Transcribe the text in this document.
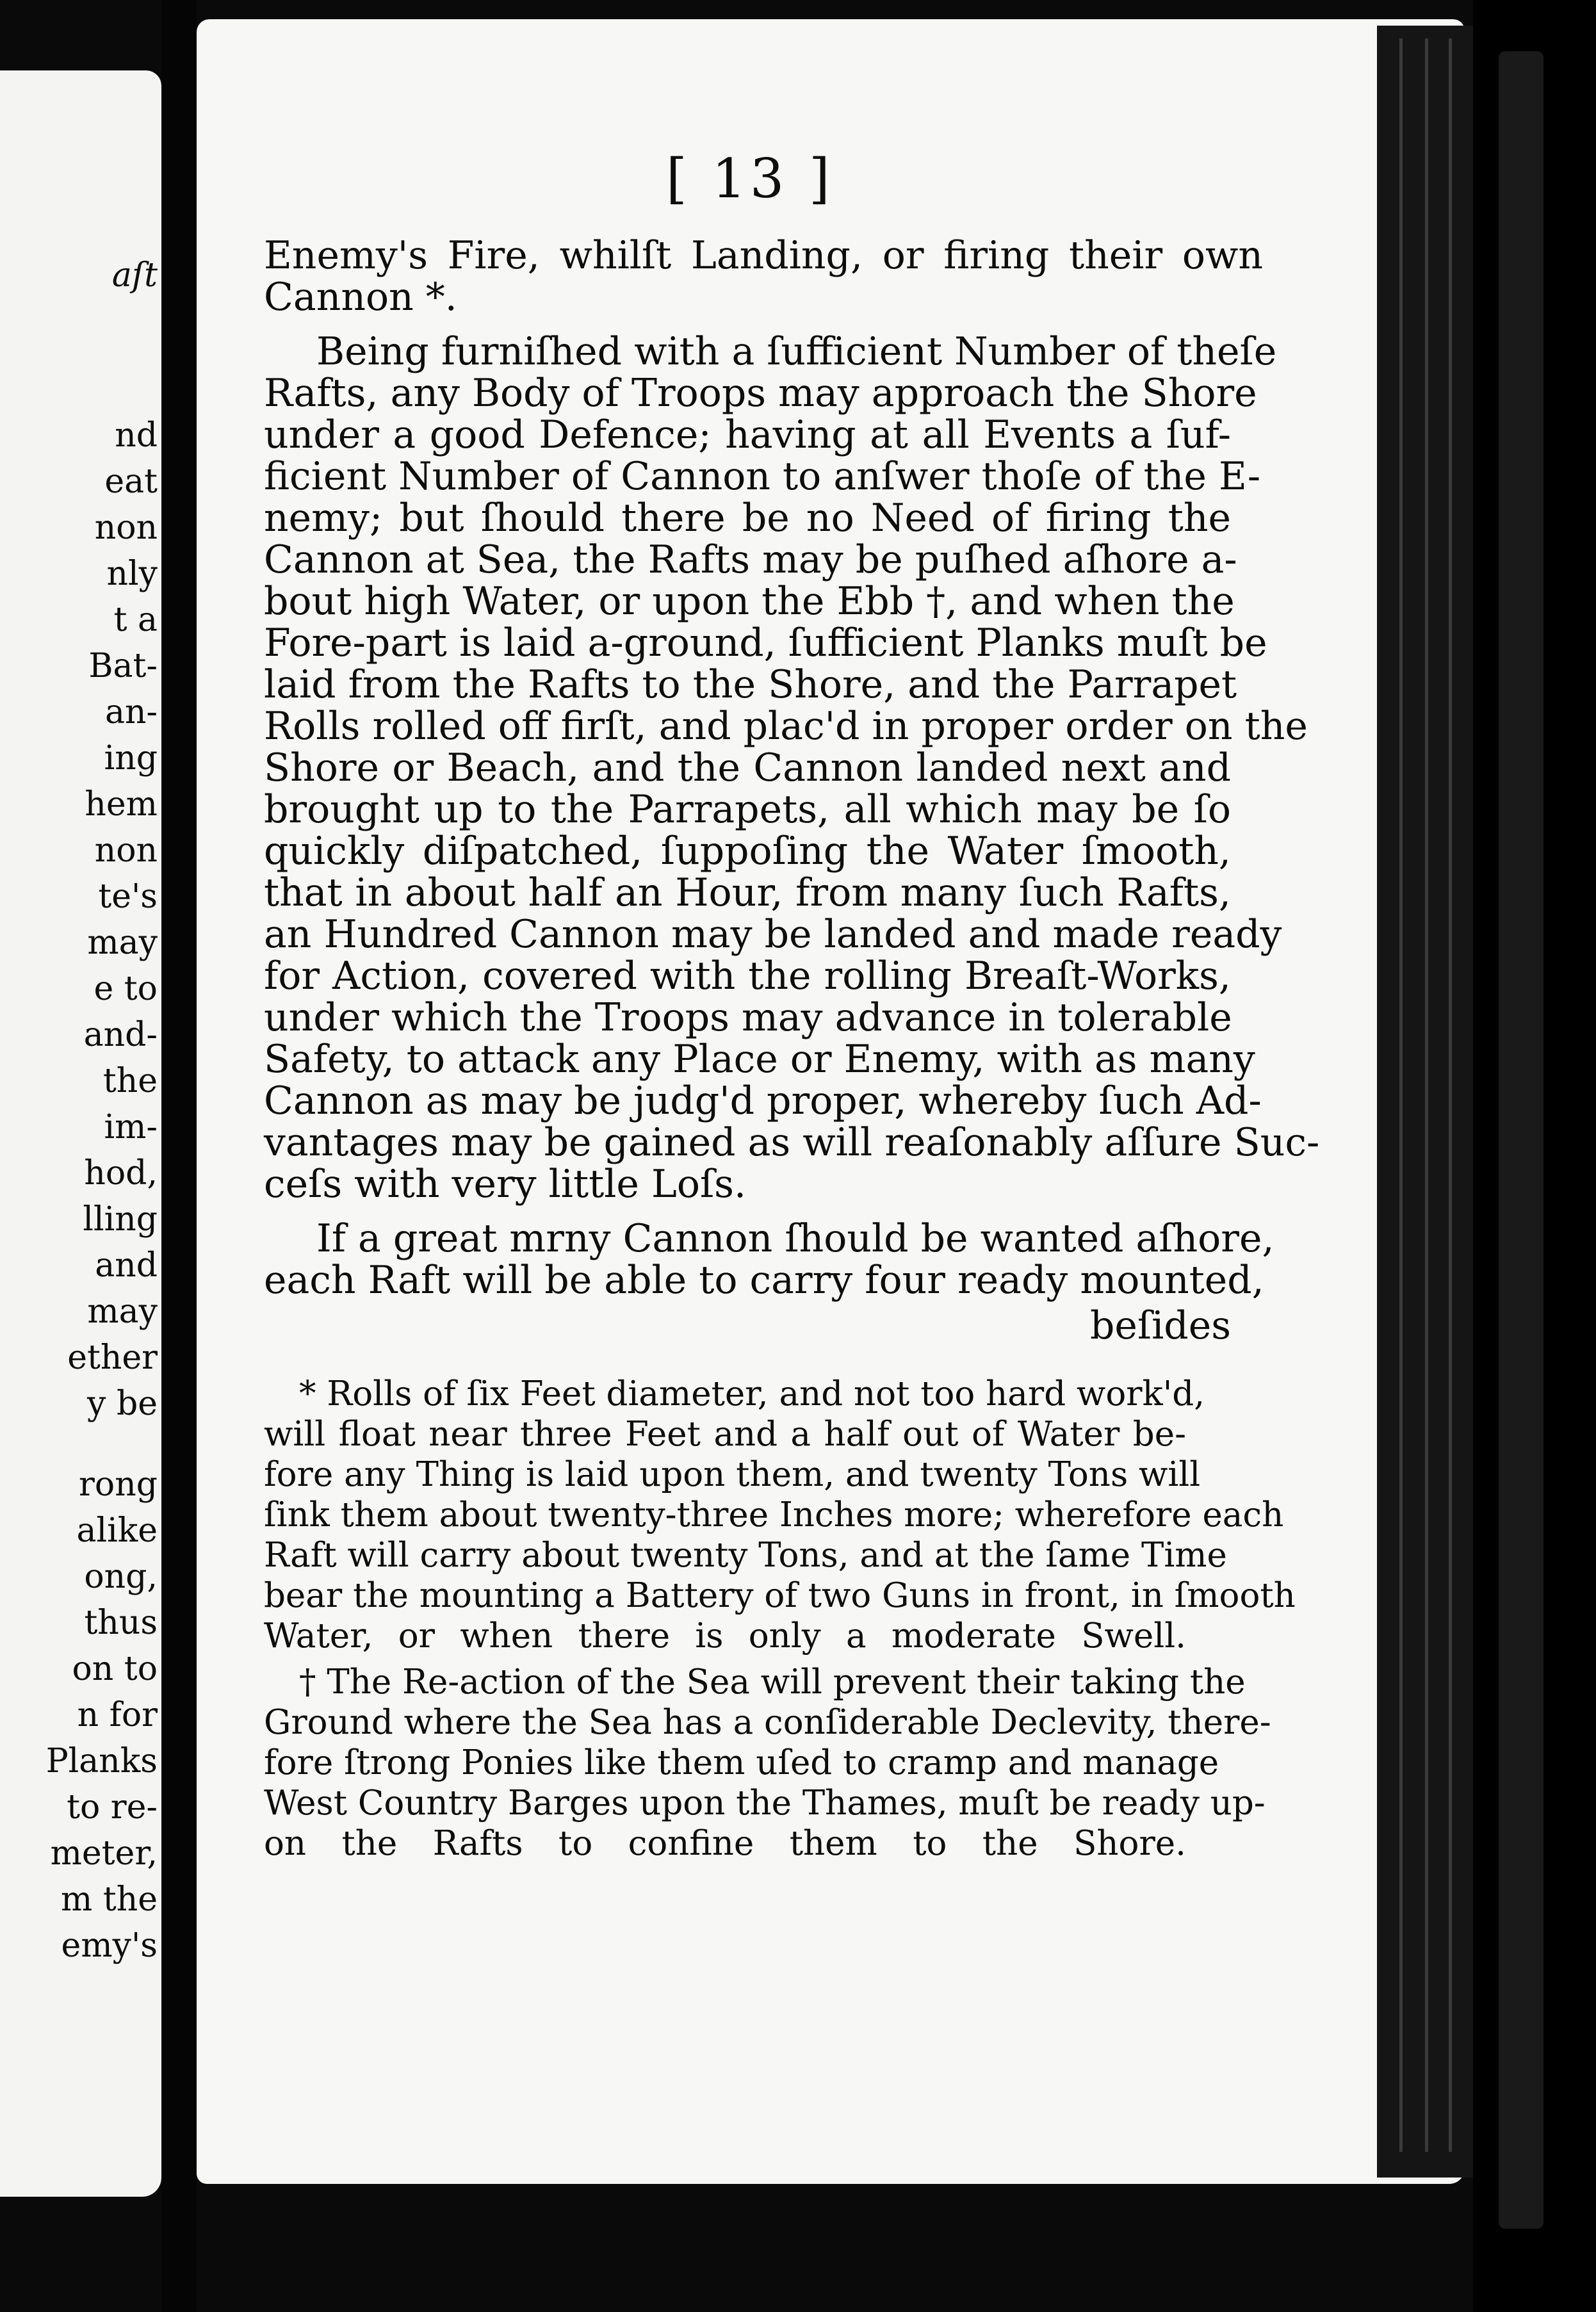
aſt
nd
eat
non
nly
t a
Bat-
an-
ing
hem
non
te's
may
e to
and-
the
im-
hod,
lling
and
may
ether
y be
rong
alike
ong,
thus
on to
n for
Planks
to re-
meter,
m the
emy's
[ 13 ]
Enemy's Fire, whilſt Landing, or firing their own
Cannon *.
Being furniſhed with a ſufficient Number of theſe
Rafts, any Body of Troops may approach the Shore
under a good Defence; having at all Events a ſuf-
ficient Number of Cannon to anſwer thoſe of the E-
nemy; but ſhould there be no Need of firing the
Cannon at Sea, the Rafts may be puſhed aſhore a-
bout high Water, or upon the Ebb †, and when the
Fore-part is laid a-ground, ſufficient Planks muſt be
laid from the Rafts to the Shore, and the Parrapet
Rolls rolled off firſt, and plac'd in proper order on the
Shore or Beach, and the Cannon landed next and
brought up to the Parrapets, all which may be ſo
quickly diſpatched, ſuppoſing the Water ſmooth,
that in about half an Hour, from many ſuch Rafts,
an Hundred Cannon may be landed and made ready
for Action, covered with the rolling Breaſt-Works,
under which the Troops may advance in tolerable
Safety, to attack any Place or Enemy, with as many
Cannon as may be judg'd proper, whereby ſuch Ad-
vantages may be gained as will reaſonably aſſure Suc-
ceſs with very little Loſs.
If a great mrny Cannon ſhould be wanted aſhore,
each Raft will be able to carry four ready mounted,
beſides
* Rolls of ſix Feet diameter, and not too hard work'd,
will float near three Feet and a half out of Water be-
fore any Thing is laid upon them, and twenty Tons will
ſink them about twenty-three Inches more; wherefore each
Raft will carry about twenty Tons, and at the ſame Time
bear the mounting a Battery of two Guns in front, in ſmooth
Water, or when there is only a moderate Swell.
† The Re-action of the Sea will prevent their taking the
Ground where the Sea has a conſiderable Declevity, there-
fore ſtrong Ponies like them uſed to cramp and manage
West Country Barges upon the Thames, muſt be ready up-
on the Rafts to confine them to the Shore.
